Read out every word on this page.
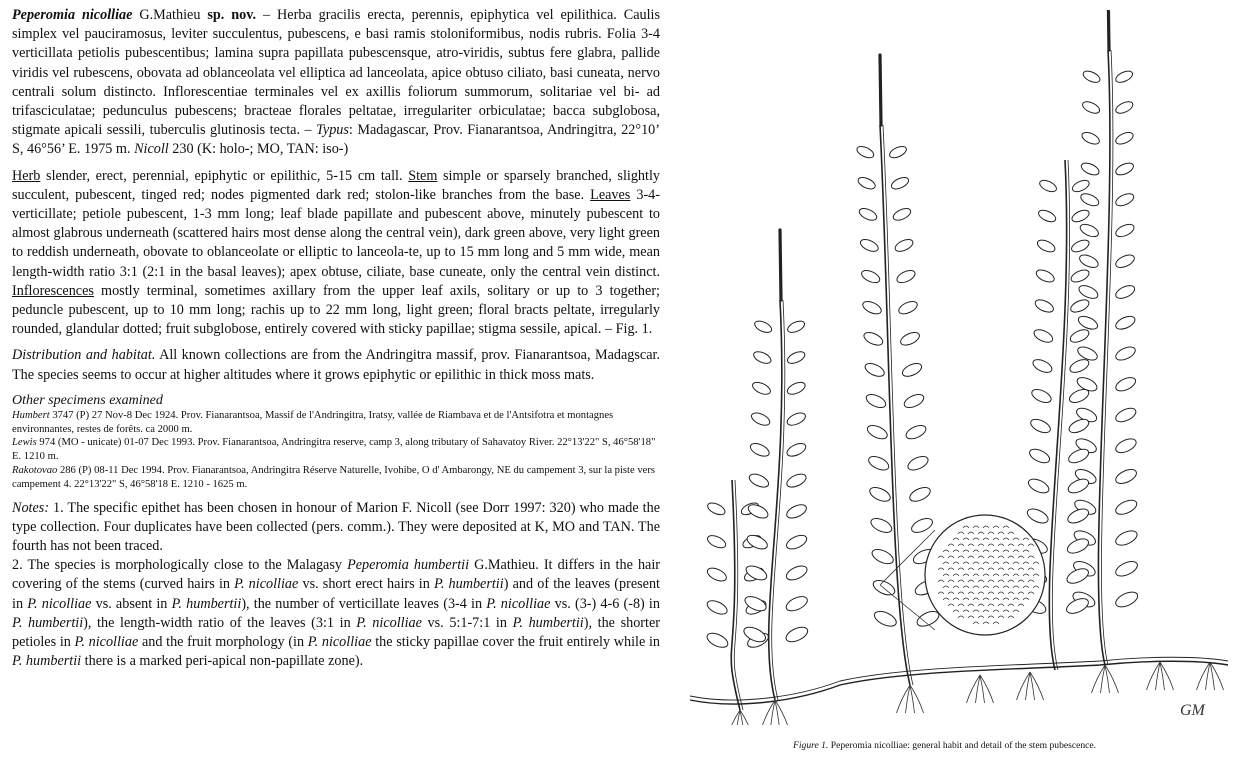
Peperomia nicolliae G.Mathieu sp. nov. – Herba gracilis erecta, perennis, epiphytica vel epilithica. Caulis simplex vel pauciramosus, leviter succulentus, pubescens, e basi ramis stoloniformibus, nodis rubris. Folia 3-4 verticillata petiolis pubescentibus; lamina supra papillata pubescensque, atro-viridis, subtus fere glabra, pallide viridis vel rubescens, obovata ad oblanceolata vel elliptica ad lanceolata, apice obtuso ciliato, basi cuneata, nervo centrali solum distincto. Inflorescentiae terminales vel ex axillis foliorum summorum, solitariae vel bi- ad trifasciculatae; pedunculus pubescens; bracteae florales peltatae, irregulariter orbiculatae; bacca subglobosa, stigmate apicali sessili, tuberculis glutinosis tecta. – Typus: Madagascar, Prov. Fianarantsoa, Andringitra, 22°10’ S, 46°56’ E. 1975 m. Nicoll 230 (K: holo-; MO, TAN: iso-)

Herb slender, erect, perennial, epiphytic or epilithic, 5-15 cm tall. Stem simple or sparsely branched, slightly succulent, pubescent, tinged red; nodes pigmented dark red; stolon-like branches from the base. Leaves 3-4-verticillate; petiole pubescent, 1-3 mm long; leaf blade papillate and pubescent above, minutely pubescent to almost glabrous underneath (scattered hairs most dense along the central vein), dark green above, very light green to reddish underneath, obovate to oblanceolate or elliptic to lanceola-te, up to 15 mm long and 5 mm wide, mean length-width ratio 3:1 (2:1 in the basal leaves); apex obtuse, ciliate, base cuneate, only the central vein distinct. Inflorescences mostly terminal, sometimes axillary from the upper leaf axils, solitary or up to 3 together; peduncle pubescent, up to 10 mm long; rachis up to 22 mm long, light green; floral bracts peltate, irregularly rounded, glandular dotted; fruit subglobose, entirely covered with sticky papillae; stigma sessile, apical. – Fig. 1.

Distribution and habitat. All known collections are from the Andringitra massif, prov. Fianarantsoa, Madagscar. The species seems to occur at higher altitudes where it grows epiphytic or epilithic in thick moss mats.

Other specimens examined

Humbert 3747 (P) 27 Nov-8 Dec 1924. Prov. Fianarantsoa, Massif de l'Andringitra, Iratsy, vallée de Riambava et de l'Antsifotra et montagnes environnantes, restes de forêts. ca 2000 m.

Lewis 974 (MO - unicate) 01-07 Dec 1993. Prov. Fianarantsoa, Andringitra reserve, camp 3, along tributary of Sahavatoy River. 22°13'22" S, 46°58'18" E. 1210 m.

Rakotovao 286 (P) 08-11 Dec 1994. Prov. Fianarantsoa, Andringitra Réserve Naturelle, Ivohibe, O d' Ambarongy, NE du campement 3, sur la piste vers campement 4. 22°13'22" S, 46°58'18 E. 1210 - 1625 m.

Notes: 1. The specific epithet has been chosen in honour of Marion F. Nicoll (see Dorr 1997: 320) who made the type collection. Four duplicates have been collected (pers. comm.). They were deposited at K, MO and TAN. The fourth has not been traced.

2. The species is morphologically close to the Malagasy Peperomia humbertii G.Mathieu. It differs in the hair covering of the stems (curved hairs in P. nicolliae vs. short erect hairs in P. humbertii) and of the leaves (present in P. nicolliae vs. absent in P. humbertii), the number of verticillate leaves (3-4 in P. nicolliae vs. (3-) 4-6 (-8) in P. humbertii), the length-width ratio of the leaves (3:1 in P. nicolliae vs. 5:1-7:1 in P. humbertii), the shorter petioles in P. nicolliae and the fruit morphology (in P. nicolliae the sticky papillae cover the fruit entirely while in P. humbertii there is a marked peri-apical non-papillate zone).

GM
Figure 1. Peperomia nicolliae: general habit and detail of the stem pubescence.
